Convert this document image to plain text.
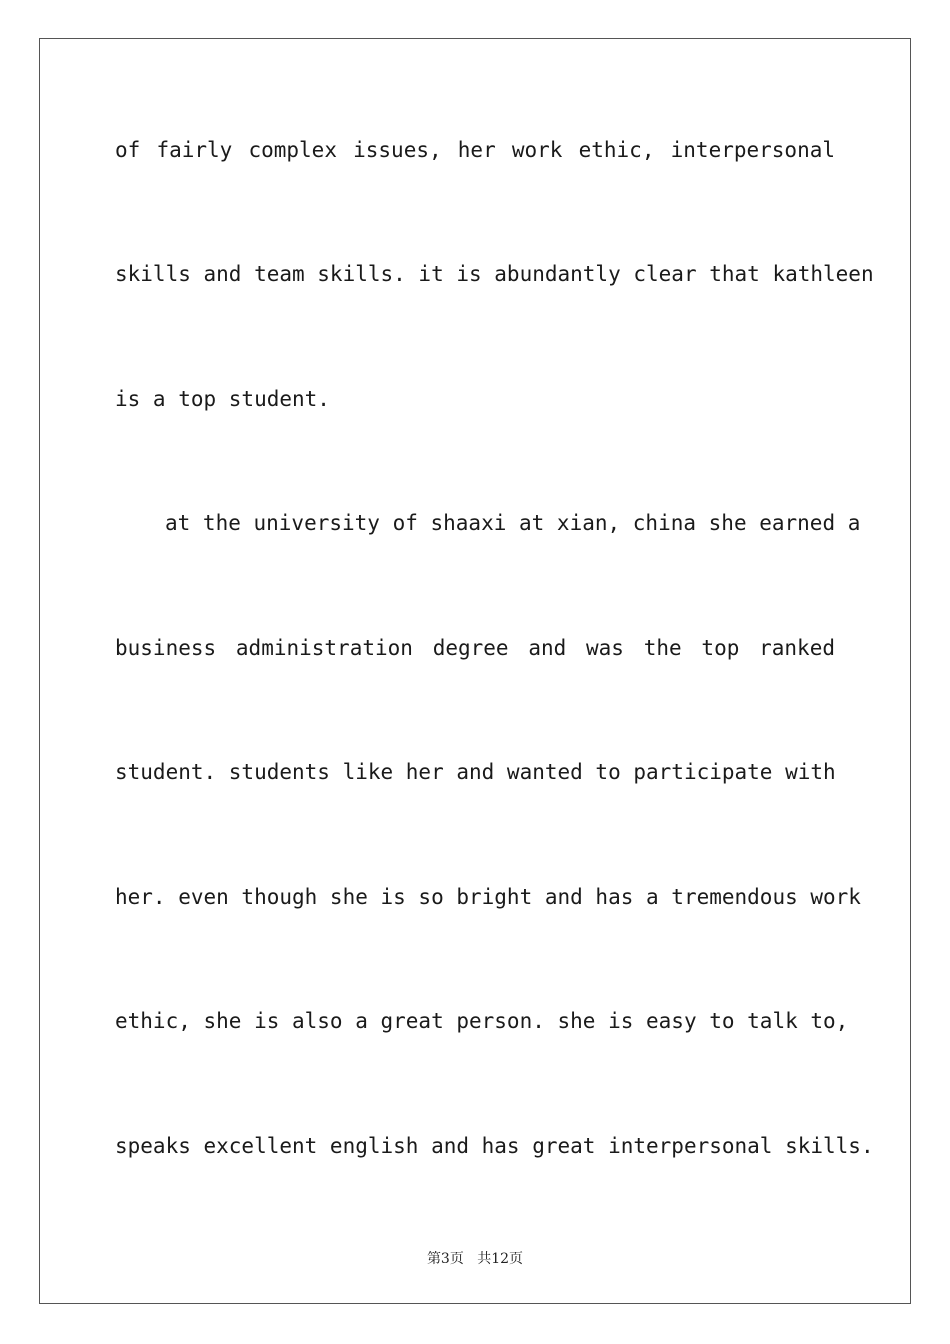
of fairly complex issues, her work ethic, interpersonal
skills and team skills. it is abundantly clear that kathleen
is a top student.
at the university of shaaxi at xian, china she earned a
business administration degree and was the top ranked
student. students like her and wanted to participate with
her. even though she is so bright and has a tremendous work
ethic, she is also a great person. she is easy to talk to,
speaks excellent english and has great interpersonal skills.
第3页 共12页
